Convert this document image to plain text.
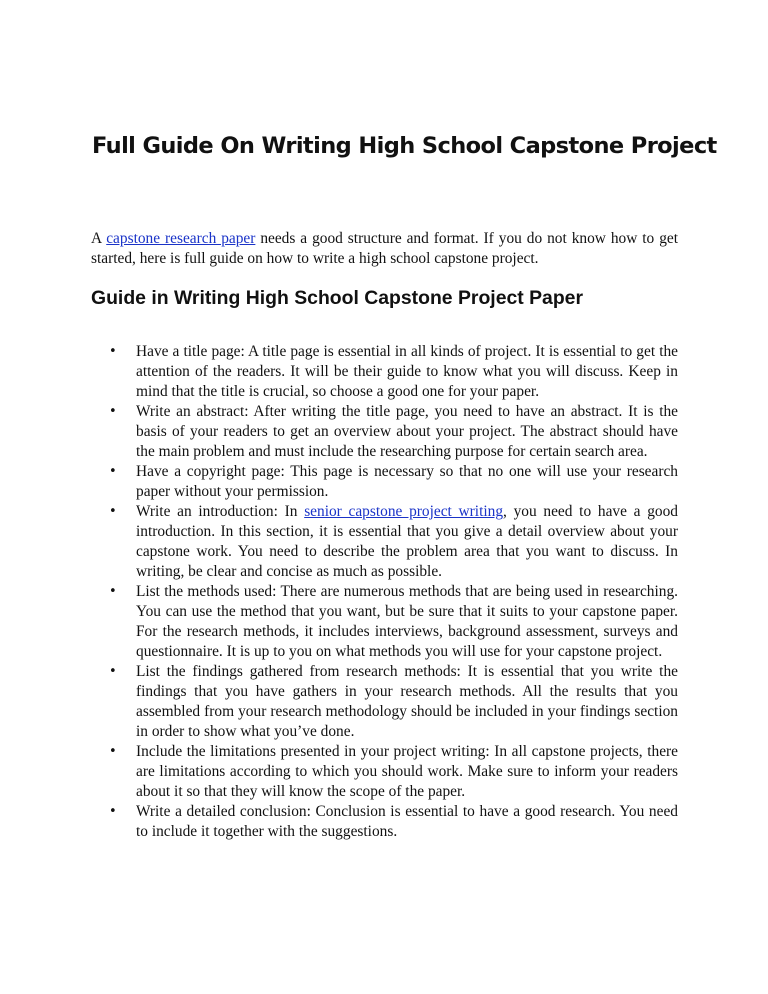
Full Guide On Writing High School Capstone Project

A capstone research paper needs a good structure and format. If you do not know how to get started, here is full guide on how to write a high school capstone project.

Guide in Writing High School Capstone Project Paper
• Have a title page: A title page is essential in all kinds of project. It is essential to get the attention of the readers. It will be their guide to know what you will discuss. Keep in mind that the title is crucial, so choose a good one for your paper.
• Write an abstract: After writing the title page, you need to have an abstract. It is the basis of your readers to get an overview about your project. The abstract should have the main problem and must include the researching purpose for certain search area.
• Have a copyright page: This page is necessary so that no one will use your research paper without your permission.
• Write an introduction: In senior capstone project writing, you need to have a good introduction. In this section, it is essential that you give a detail overview about your capstone work. You need to describe the problem area that you want to discuss. In writing, be clear and concise as much as possible.
• List the methods used: There are numerous methods that are being used in researching. You can use the method that you want, but be sure that it suits to your capstone paper. For the research methods, it includes interviews, background assessment, surveys and questionnaire. It is up to you on what methods you will use for your capstone project.
• List the findings gathered from research methods: It is essential that you write the findings that you have gathers in your research methods. All the results that you assembled from your research methodology should be included in your findings section in order to show what you’ve done.
• Include the limitations presented in your project writing: In all capstone projects, there are limitations according to which you should work. Make sure to inform your readers about it so that they will know the scope of the paper.
• Write a detailed conclusion: Conclusion is essential to have a good research. You need to include it together with the suggestions.
